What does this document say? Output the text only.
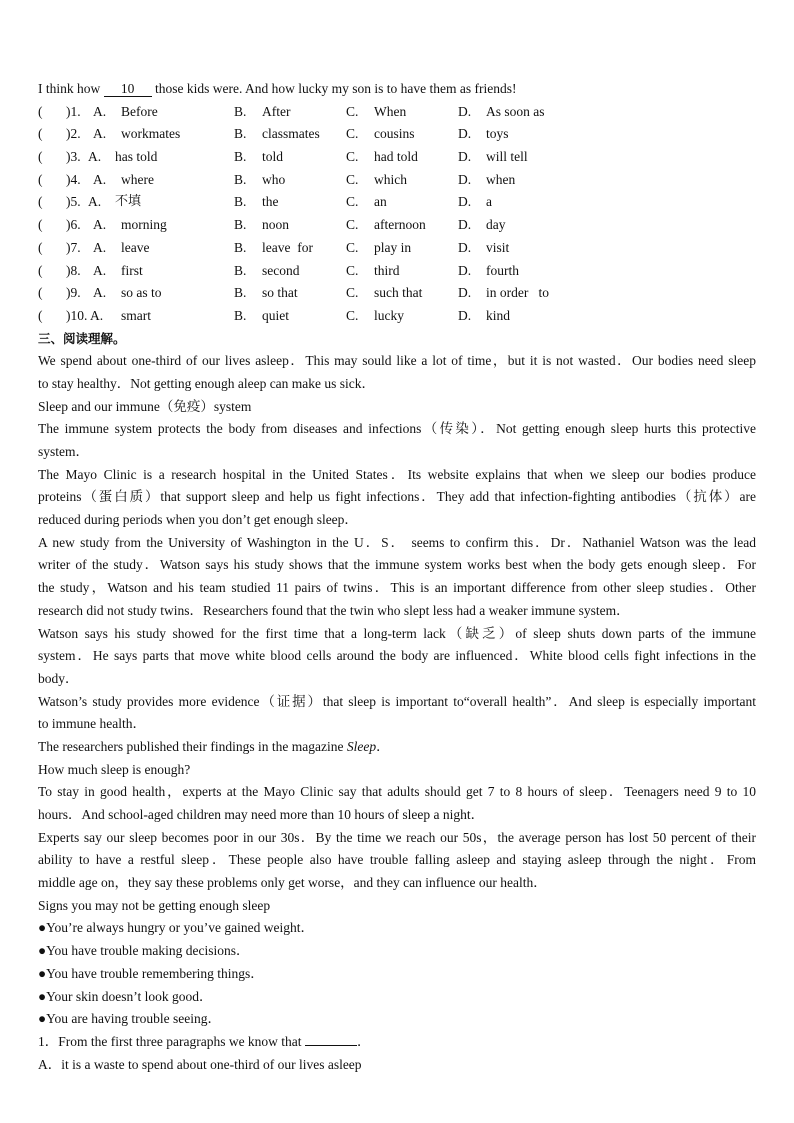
I think how 10 those kids were. And how lucky my son is to have them as friends!
( )1. A. Before	B. After	C. When	D. As soon as
( )2. A. workmates	B. classmates C. cousins	D. toys
( )3. A. has told	B. told	C. had told	D. will tell
( )4. A. where	B. who	C. which	D. when
( )5. A. 不填	B. the	C. an	D. a
( )6. A. morning	B. noon	C. afternoon D. day
( )7. A. leave	B. leave  for C. play in	D. visit
( )8. A. first	B. second	C. third	D. fourth
( )9. A. so as to	B. so that	C. such that	D. in order   to
( )10. A. smart	B. quiet	C. lucky	D. kind
三、阅读理解。
We spend about one-third of our lives asleep．This may sould like a lot of time，but it is not wasted．Our bodies need sleep
to stay healthy．Not getting enough aleep can make us sick．
Sleep and our immune（免疫）system
The immune system protects the body from diseases and infections（传染）．Not getting enough sleep hurts this protective
system．
The Mayo Clinic is a research hospital in the United States．Its website explains that when we sleep our bodies produce
proteins（蛋白质）that support sleep and help us fight infections．They add that infection-fighting antibodies（抗体）are
reduced during periods when you don’t get enough sleep．
A new study from the University of Washington in the U．S． seems to confirm this．Dr．Nathaniel Watson was the lead
writer of the study．Watson says his study shows that the immune system works best when the body gets enough sleep．For
the study，Watson and his team studied 11 pairs of twins．This is an important difference from other sleep studies．Other
research did not study twins．Researchers found that the twin who slept less had a weaker immune system．
Watson says his study showed for the first time that a long-term lack（缺乏）of sleep shuts down parts of the immune
system．He says parts that move white blood cells around the body are influenced．White blood cells fight infections in the
body．
Watson’s study provides more evidence（证据）that sleep is important to“overall health”．And sleep is especially important
to immune health．
The researchers published their findings in the magazine Sleep．
How much sleep is enough?
To stay in good health，experts at the Mayo Clinic say that adults should get 7 to 8 hours of sleep．Teenagers need 9 to 10
hours．And school-aged children may need more than 10 hours of sleep a night．
Experts say our sleep becomes poor in our 30s．By the time we reach our 50s，the average person has lost 50 percent of their
ability to have a restful sleep．These people also have trouble falling asleep and staying asleep through the night．From
middle age on，they say these problems only get worse，and they can influence our health．
Signs you may not be getting enough sleep
●You’re always hungry or you’ve gained weight．
●You have trouble making decisions．
●You have trouble remembering things．
●Your skin doesn’t look good．
●You are having trouble seeing．
1．From the first three paragraphs we know that	．
A．it is a waste to spend about one-third of our lives asleep
